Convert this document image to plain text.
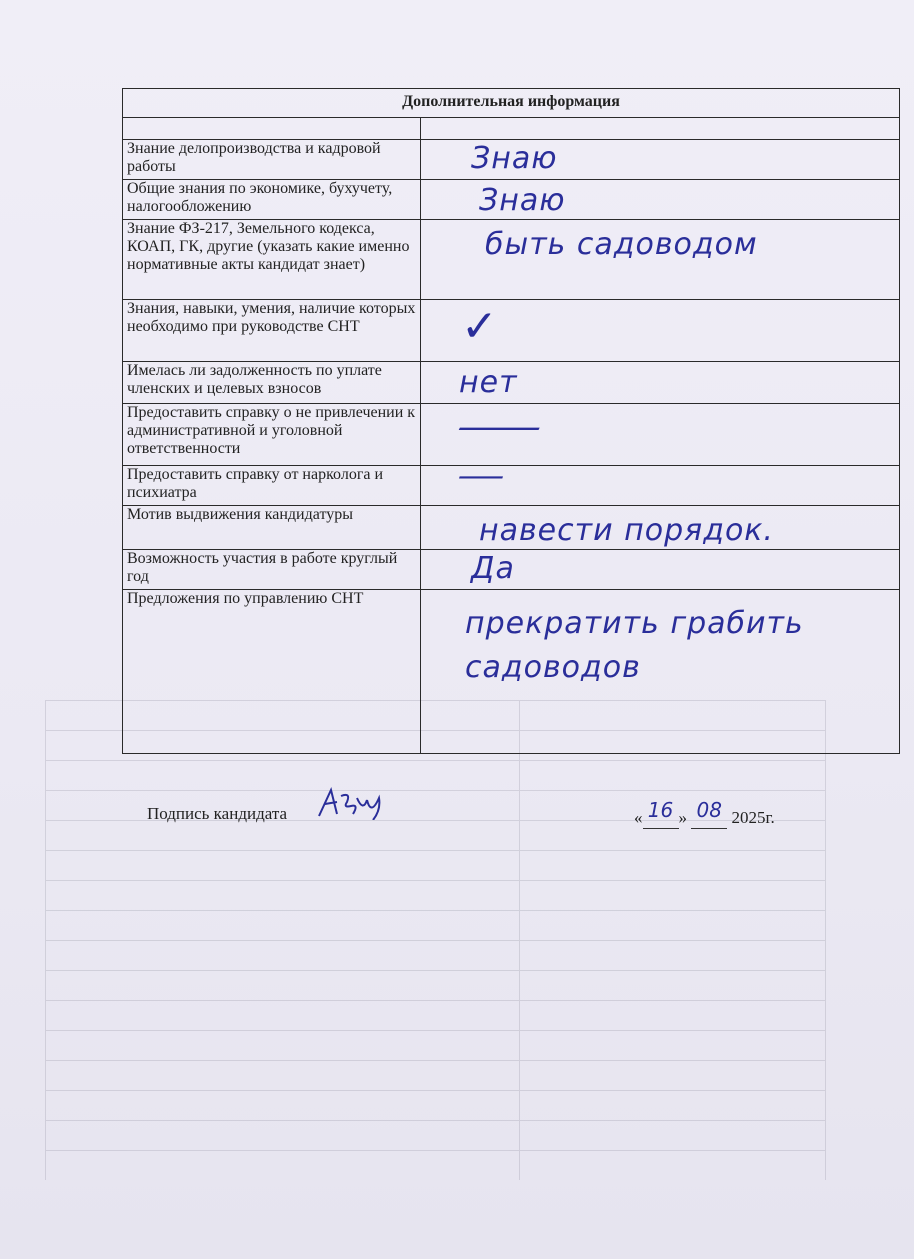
Дополнительная информация	

Знание делопроизводства и кадровой работы	Знаю

Общие знания по экономике, бухучету, налогообложению	Знаю

Знание ФЗ-217, Земельного кодекса, КОАП, ГК, другие (указать какие именно нормативные акты кандидат знает)	быть садоводом

Знания, навыки, умения, наличие которых необходимо при руководстве СНТ	✓

Имелась ли задолженность по уплате членских и целевых взносов	нет

Предоставить справку о не привлечении к административной и уголовной ответственности	—

Предоставить справку от нарколога и психиатра	—

Мотив выдвижения кандидатуры	навести порядок.

Возможность участия в работе круглый год	Да

Предложения по управлению СНТ	прекратить грабить садоводов
Подпись кандидата	« 16 » 08 2025г.
